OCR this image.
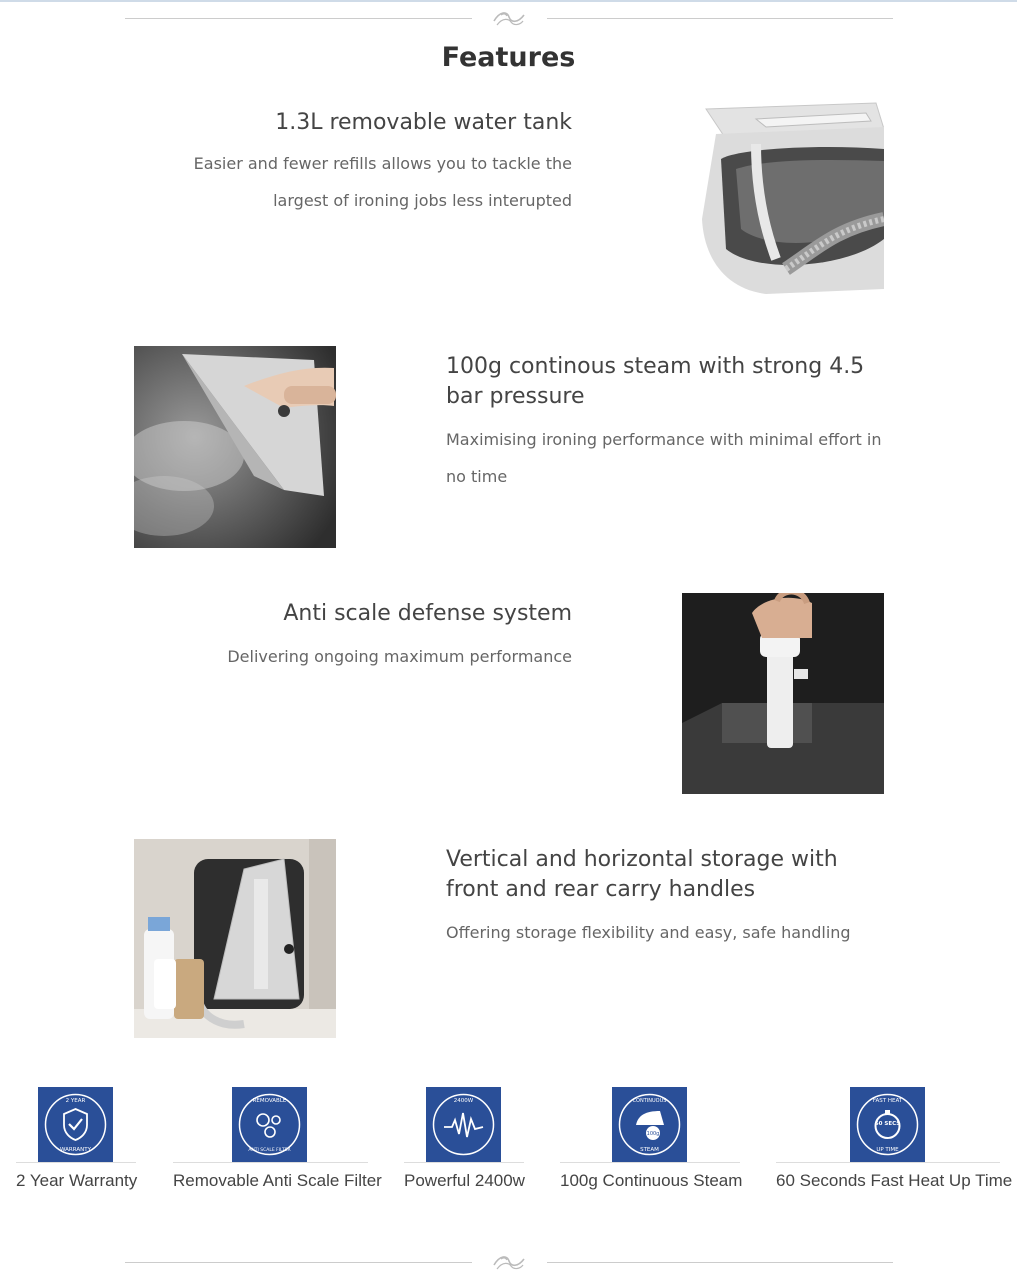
Features
1.3L removable water tank

Easier and fewer refills allows you to tackle the largest of ironing jobs less interupted

100g continous steam with strong 4.5 bar pressure

Maximising ironing performance with minimal effort in no time

Anti scale defense system

Delivering ongoing maximum performance

Vertical and horizontal storage with front and rear carry handles

Offering storage flexibility and easy, safe handling

2 YEAR
WARRANTY
2 Year Warranty
REMOVABLE
ANTI SCALE FILTER
Removable Anti Scale Filter
2400W
Powerful 2400w
100g
CONTINUOUS
STEAM
100g Continuous Steam
60 SECS
FAST HEAT
UP TIME
60 Seconds Fast Heat Up Time
